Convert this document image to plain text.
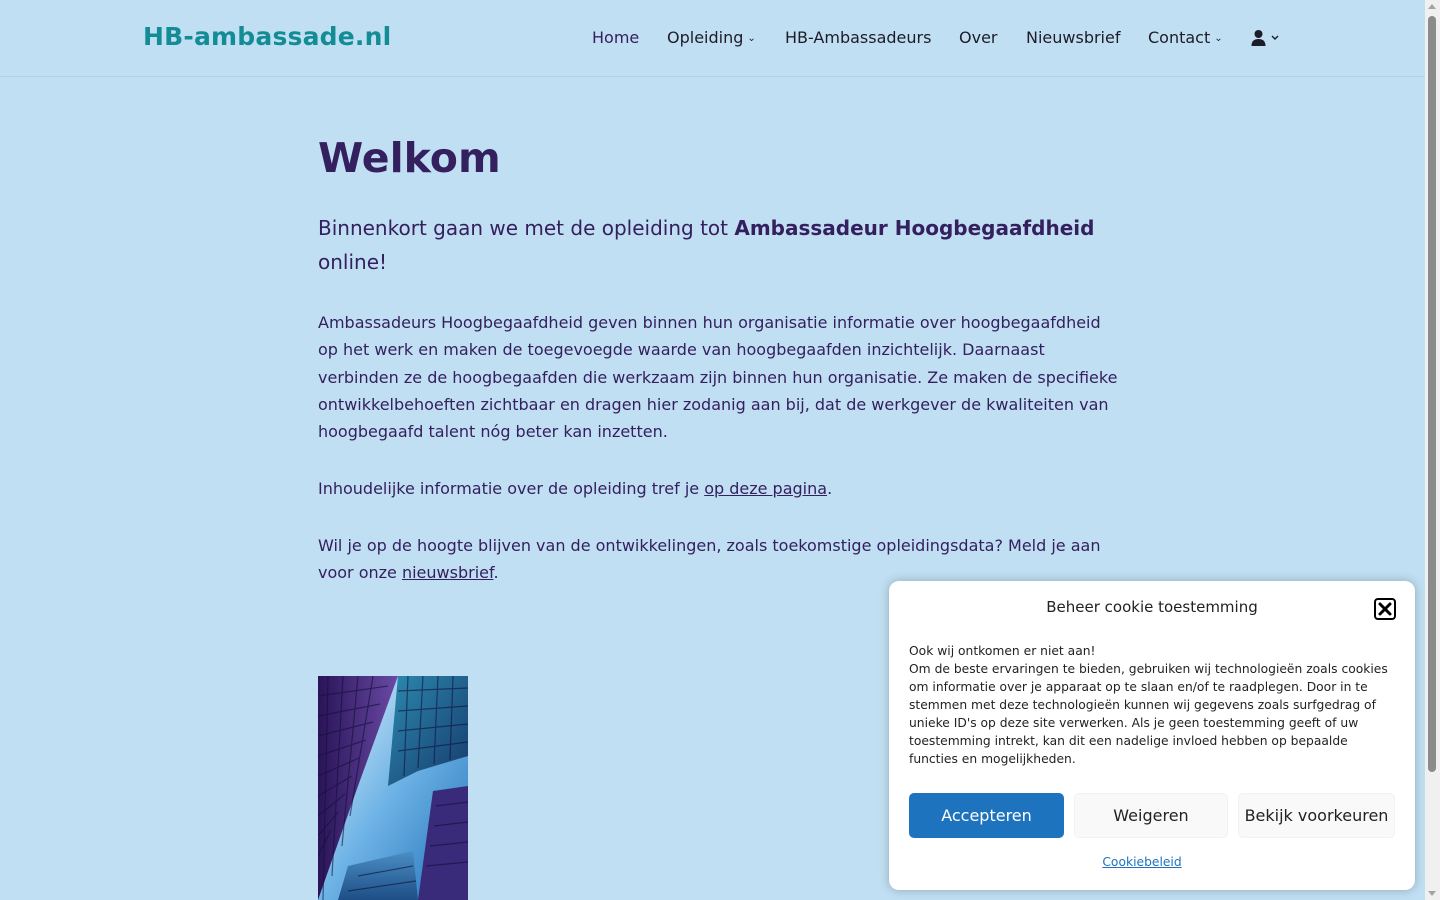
HB-ambassade.nl	Home Opleiding ⌄ HB-Ambassadeurs Over Nieuwsbrief Contact ⌄
Welkom
Binnenkort gaan we met de opleiding tot Ambassadeur Hoogbegaafdheid online!
Ambassadeurs Hoogbegaafdheid geven binnen hun organisatie informatie over hoogbegaafdheid op het werk en maken de toegevoegde waarde van hoogbegaafden inzichtelijk. Daarnaast verbinden ze de hoogbegaafden die werkzaam zijn binnen hun organisatie. Ze maken de specifieke ontwikkelbehoeften zichtbaar en dragen hier zodanig aan bij, dat de werkgever de kwaliteiten van hoogbegaafd talent nóg beter kan inzetten.
Inhoudelijke informatie over de opleiding tref je op deze pagina.
Wil je op de hoogte blijven van de ontwikkelingen, zoals toekomstige opleidingsdata? Meld je aan voor onze nieuwsbrief.
Beheer cookie toestemming
Ook wij ontkomen er niet aan!
Om de beste ervaringen te bieden, gebruiken wij technologieën zoals cookies om informatie over je apparaat op te slaan en/of te raadplegen. Door in te stemmen met deze technologieën kunnen wij gegevens zoals surfgedrag of unieke ID's op deze site verwerken. Als je geen toestemming geeft of uw toestemming intrekt, kan dit een nadelige invloed hebben op bepaalde functies en mogelijkheden.
Accepteren	Weigeren	Bekijk voorkeuren
Cookiebeleid
